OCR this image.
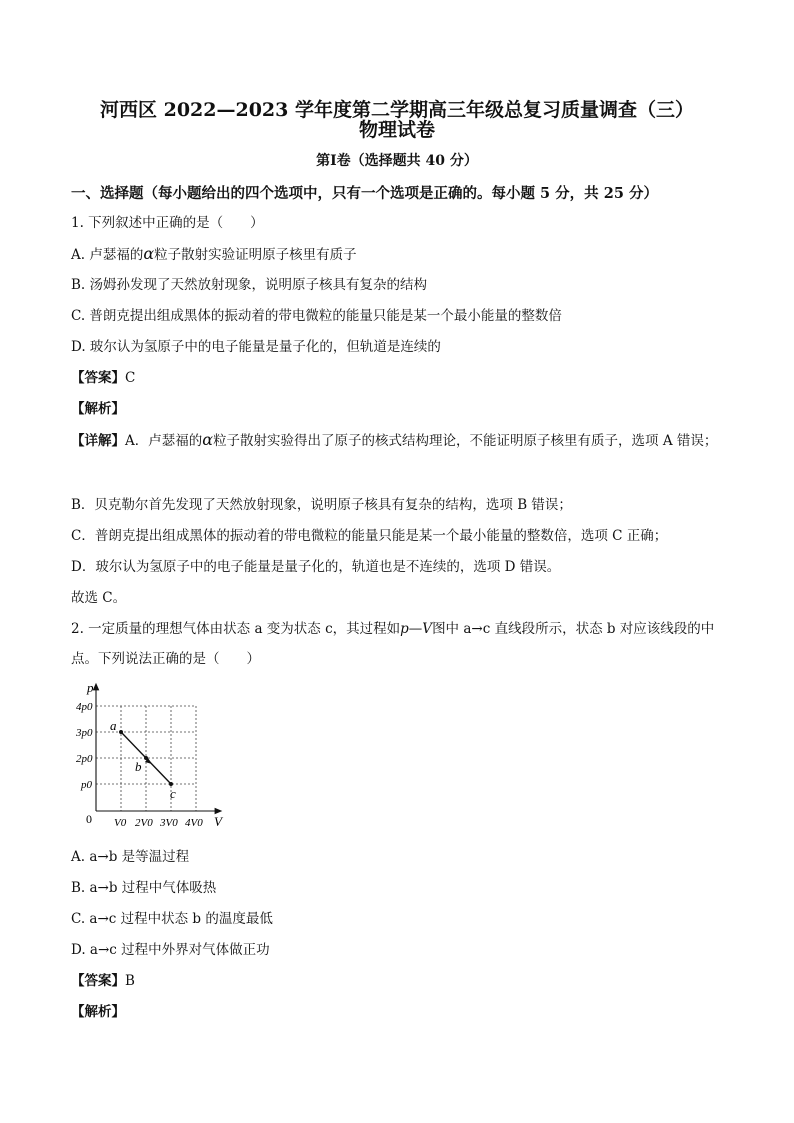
河西区 2022—2023 学年度第二学期高三年级总复习质量调查（三）
物理试卷
第Ⅰ卷（选择题共 40 分）
一、选择题（每小题给出的四个选项中，只有一个选项是正确的。每小题 5 分，共 25 分）
1. 下列叙述中正确的是（　　）
A. 卢瑟福的α粒子散射实验证明原子核里有质子
B. 汤姆孙发现了天然放射现象，说明原子核具有复杂的结构
C. 普朗克提出组成黑体的振动着的带电微粒的能量只能是某一个最小能量的整数倍
D. 玻尔认为氢原子中的电子能量是量子化的，但轨道是连续的
【答案】C
【解析】
【详解】A．卢瑟福的α粒子散射实验得出了原子的核式结构理论，不能证明原子核里有质子，选项 A 错误；
B．贝克勒尔首先发现了天然放射现象，说明原子核具有复杂的结构，选项 B 错误；
C．普朗克提出组成黑体的振动着的带电微粒的能量只能是某一个最小能量的整数倍，选项 C 正确；
D．玻尔认为氢原子中的电子能量是量子化的，轨道也是不连续的，选项 D 错误。
故选 C。
2. 一定质量的理想气体由状态 a 变为状态 c，其过程如p—V图中 a→c 直线段所示，状态 b 对应该线段的中点。下列说法正确的是（　　）
p
V
0
4p0
3p0
2p0
p0
V0 2V0 3V0 4V0
a
b
c
A. a→b 是等温过程
B. a→b 过程中气体吸热
C. a→c 过程中状态 b 的温度最低
D. a→c 过程中外界对气体做正功
【答案】B
【解析】
